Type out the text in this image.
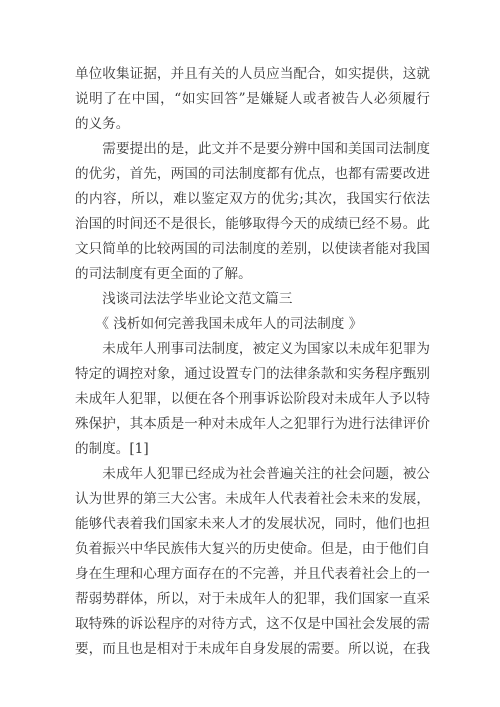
单位收集证据，并且有关的人员应当配合，如实提供，这就
说明了在中国，“如实回答”是嫌疑人或者被告人必须履行
的义务。
　　需要提出的是，此文并不是要分辨中国和美国司法制度
的优劣，首先，两国的司法制度都有优点，也都有需要改进
的内容，所以，难以鉴定双方的优劣;其次，我国实行依法
治国的时间还不是很长，能够取得今天的成绩已经不易。此
文只简单的比较两国的司法制度的差别，以使读者能对我国
的司法制度有更全面的了解。
　　浅谈司法法学毕业论文范文篇三
　　《 浅析如何完善我国未成年人的司法制度 》
　　未成年人刑事司法制度，被定义为国家以未成年犯罪为
特定的调控对象，通过设置专门的法律条款和实务程序甄别
未成年人犯罪，以便在各个刑事诉讼阶段对未成年人予以特
殊保护，其本质是一种对未成年人之犯罪行为进行法律评价
的制度。[1]
　　未成年人犯罪已经成为社会普遍关注的社会问题，被公
认为世界的第三大公害。未成年人代表着社会未来的发展，
能够代表着我们国家未来人才的发展状况，同时，他们也担
负着振兴中华民族伟大复兴的历史使命。但是，由于他们自
身在生理和心理方面存在的不完善，并且代表着社会上的一
帮弱势群体，所以，对于未成年人的犯罪，我们国家一直采
取特殊的诉讼程序的对待方式，这不仅是中国社会发展的需
要，而且也是相对于未成年自身发展的需要。所以说，在我
